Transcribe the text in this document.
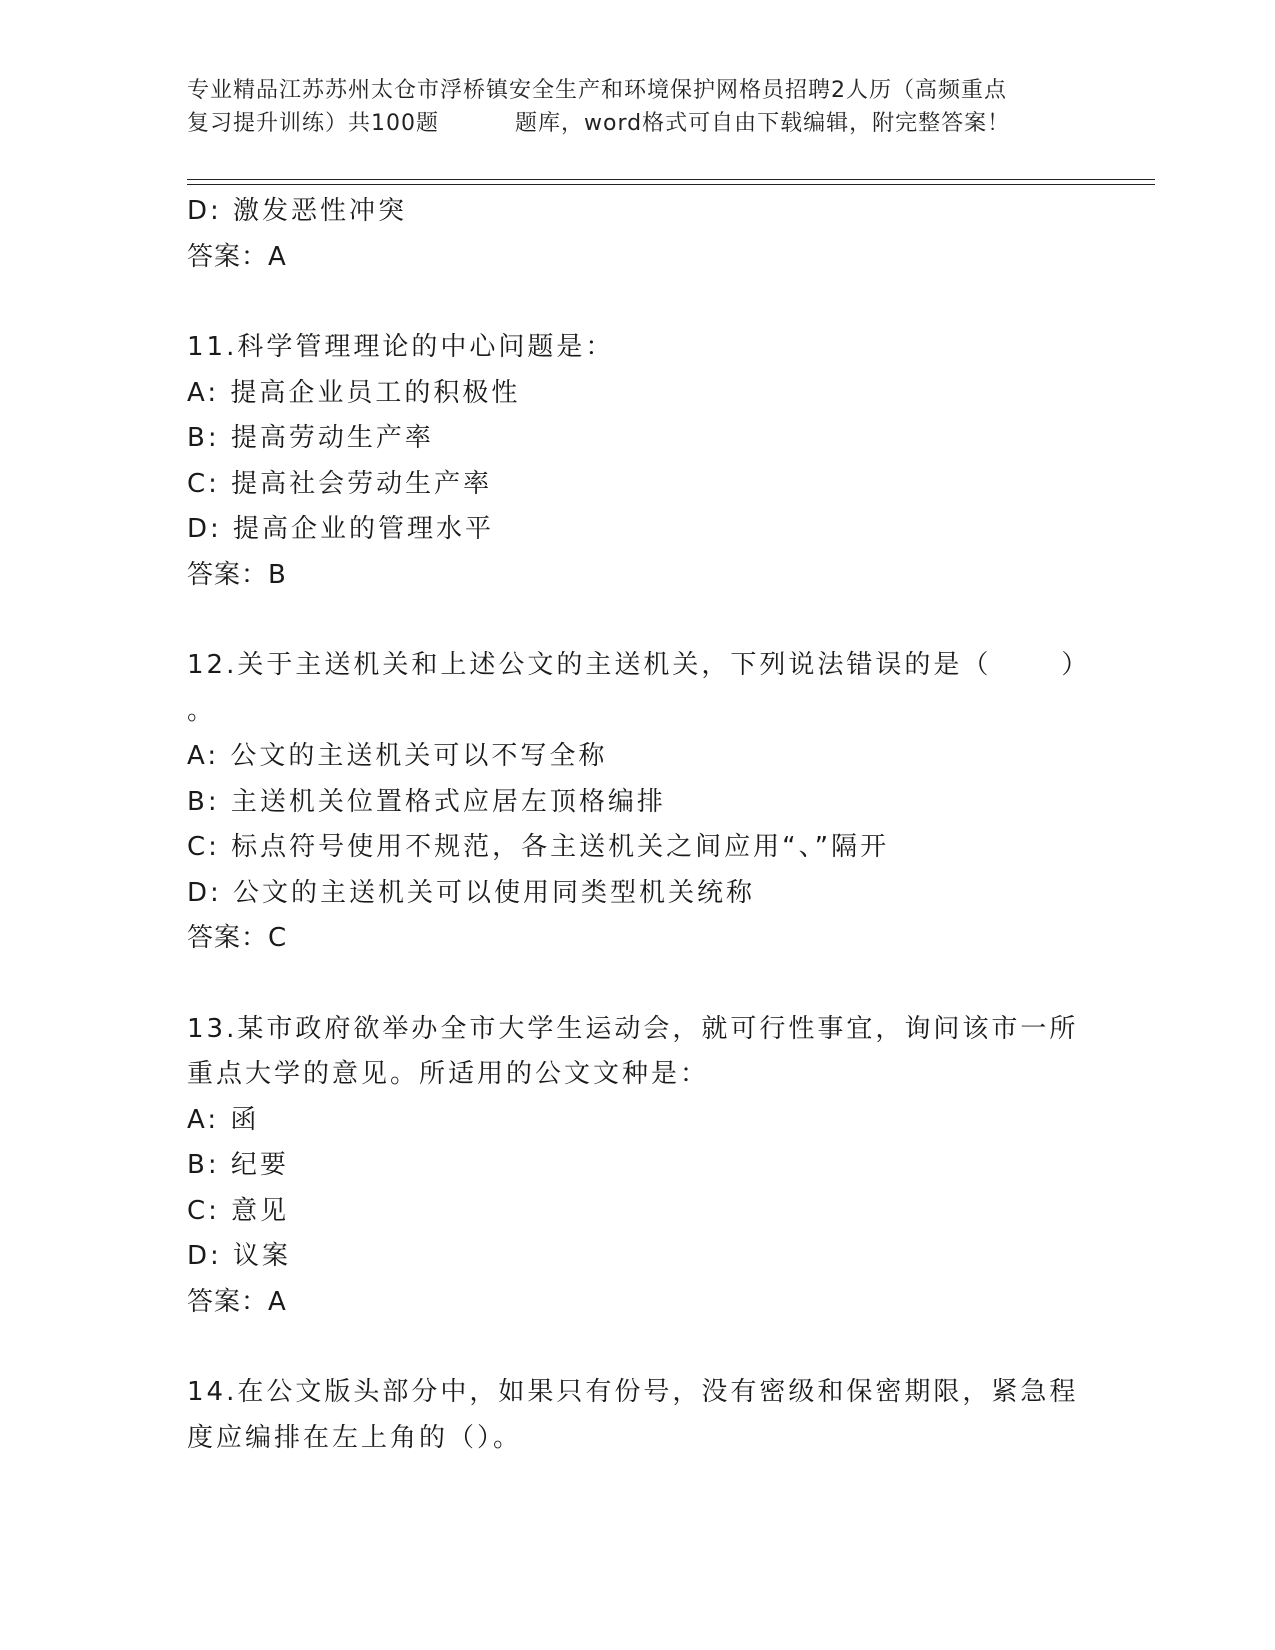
专业精品江苏苏州太仓市浮桥镇安全生产和环境保护网格员招聘2人历（高频重点
复习提升训练）共100题	题库，word格式可自由下载编辑，附完整答案！
D: 激发恶性冲突
答案：A
11.科学管理理论的中心问题是：
A: 提高企业员工的积极性
B: 提高劳动生产率
C: 提高社会劳动生产率
D: 提高企业的管理水平
答案：B
12.关于主送机关和上述公文的主送机关，下列说法错误的是（	）
。
A: 公文的主送机关可以不写全称
B: 主送机关位置格式应居左顶格编排
C: 标点符号使用不规范，各主送机关之间应用“、”隔开
D: 公文的主送机关可以使用同类型机关统称
答案：C
13.某市政府欲举办全市大学生运动会，就可行性事宜，询问该市一所
重点大学的意见。所适用的公文文种是：
A: 函
B: 纪要
C: 意见
D: 议案
答案：A
14.在公文版头部分中，如果只有份号，没有密级和保密期限，紧急程
度应编排在左上角的（）。
